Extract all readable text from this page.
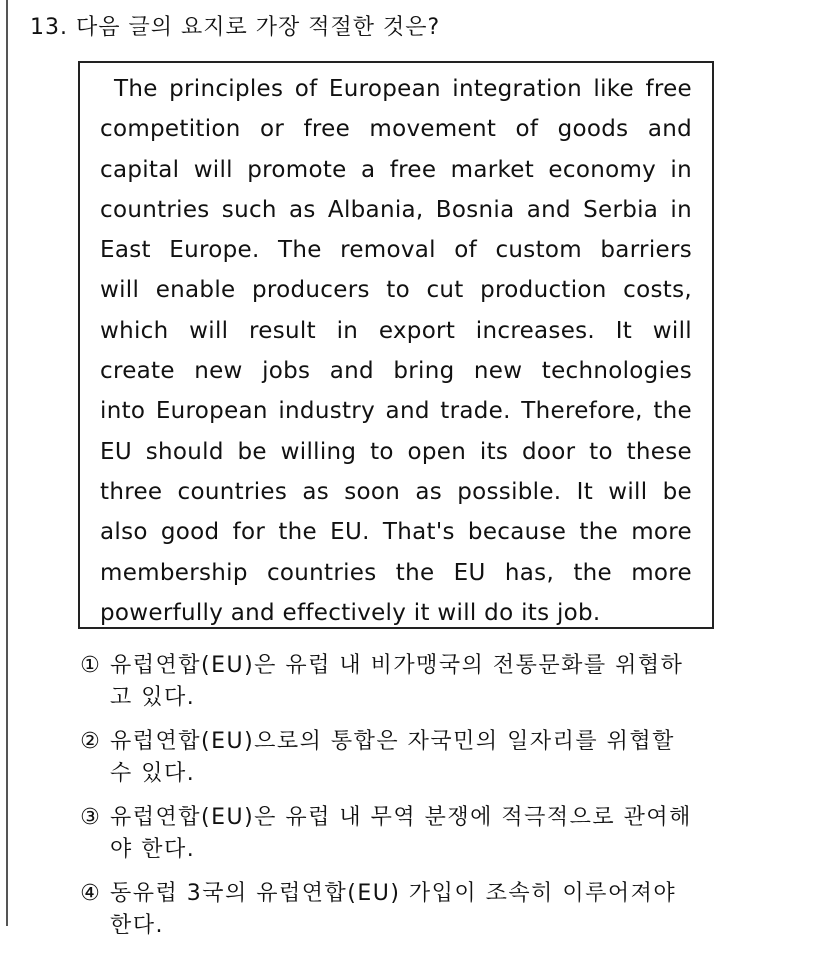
13. 다음 글의 요지로 가장 적절한 것은?
The principles of European integration like free
competition or free movement of goods and
capital will promote a free market economy in
countries such as Albania, Bosnia and Serbia in
East Europe. The removal of custom barriers
will enable producers to cut production costs,
which will result in export increases. It will
create new jobs and bring new technologies
into European industry and trade. Therefore, the
EU should be willing to open its door to these
three countries as soon as possible. It will be
also good for the EU. That's because the more
membership countries the EU has, the more
powerfully and effectively it will do its job.
① 유럽연합(EU)은 유럽 내 비가맹국의 전통문화를 위협하
고 있다.
② 유럽연합(EU)으로의 통합은 자국민의 일자리를 위협할
수 있다.
③ 유럽연합(EU)은 유럽 내 무역 분쟁에 적극적으로 관여해
야 한다.
④ 동유럽 3국의 유럽연합(EU) 가입이 조속히 이루어져야
한다.
